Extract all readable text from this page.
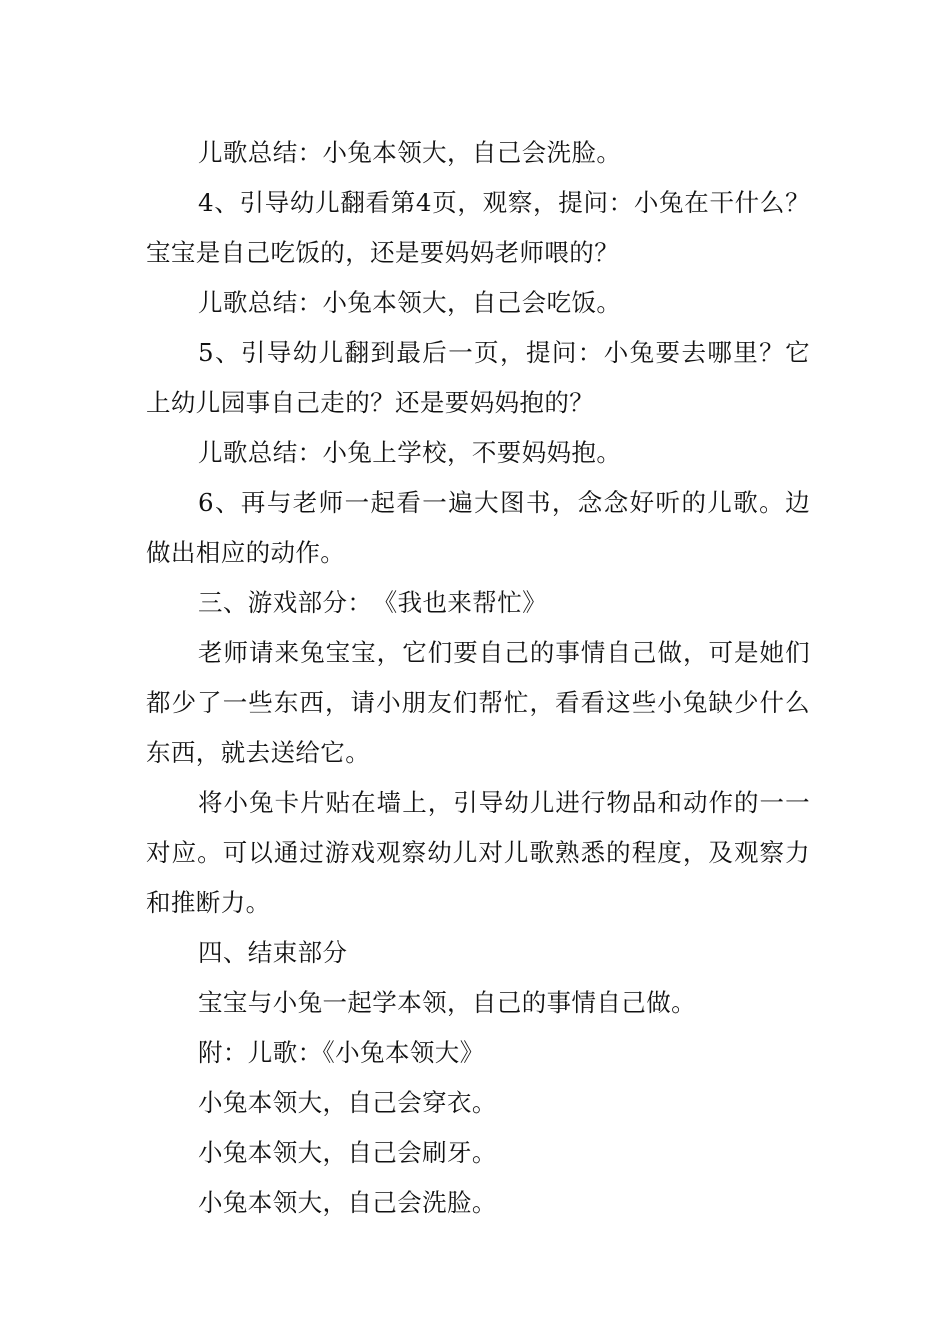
儿歌总结：小兔本领大，自己会洗脸。

4、引导幼儿翻看第4页，观察，提问：小兔在干什么？宝宝是自己吃饭的，还是要妈妈老师喂的？

儿歌总结：小兔本领大，自己会吃饭。

5、引导幼儿翻到最后一页，提问：小兔要去哪里？它上幼儿园事自己走的？还是要妈妈抱的？

儿歌总结：小兔上学校，不要妈妈抱。

6、再与老师一起看一遍大图书，念念好听的儿歌。边做出相应的动作。

三、游戏部分：　《我也来帮忙》

老师请来兔宝宝，它们要自己的事情自己做，可是她们都少了一些东西，请小朋友们帮忙，看看这些小兔缺少什么东西，就去送给它。

将小兔卡片贴在墙上，引导幼儿进行物品和动作的一一对应。可以通过游戏观察幼儿对儿歌熟悉的程度，及观察力和推断力。

四、结束部分

宝宝与小兔一起学本领，自己的事情自己做。

附：儿歌：《小兔本领大》

小兔本领大，自己会穿衣。

小兔本领大，自己会刷牙。

小兔本领大，自己会洗脸。
